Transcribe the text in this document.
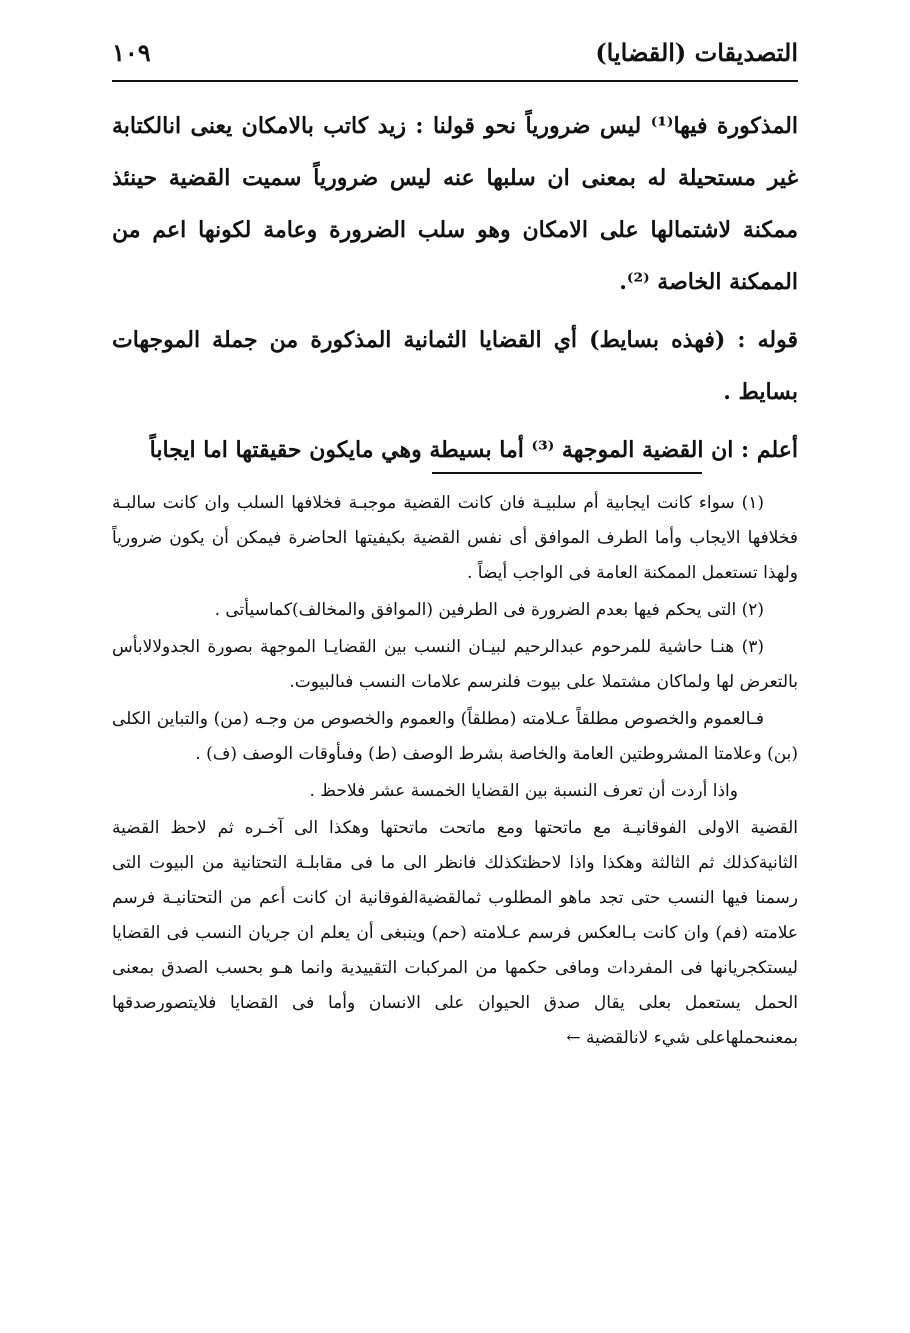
التصديقات (القضايا)
١٠٩

المذكورة فيها⁽¹⁾ ليس ضرورياً نحو قولنا : زيد كاتب بالامكان يعنى انالكتابة غير مستحيلة له بمعنى ان سلبها عنه ليس ضرورياً سميت القضية حينئذ ممكنة لاشتمالها على الامكان وهو سلب الضرورة وعامة لكونها اعم من الممكنة الخاصة ⁽²⁾.

قوله : (فهذه بسايط) أي القضايا الثمانية المذكورة من جملة الموجهات بسايط .

أعلم : ان القضية الموجهة ⁽³⁾ أما بسيطة وهي مايكون حقيقتها اما ايجاباً

(١) سواء كانت ايجابية أم سلبيـة فان كانت القضية موجبـة فخلافها السلب وان كانت سالبـة فخلافها الايجاب وأما الطرف الموافق أى نفس القضية بكيفيتها الحاضرة فيمكن أن يكون ضرورياً ولهذا تستعمل الممكنة العامة فى الواجب أيضاً .

(٢) التى يحكم فيها بعدم الضرورة فى الطرفين (الموافق والمخالف)كماسيأتى .

(٣) هنـا حاشية للمرحوم عبدالرحيم لبيـان النسب بين القضايـا الموجهة بصورة الجدولالابأس بالتعرض لها ولماكان مشتملا على بيوت فلنرسم علامات النسب فىالبيوت.

فـالعموم والخصوص مطلقاً عـلامته (مطلقاً) والعموم والخصوص من وجـه (من) والتباين الكلى (بن) وعلامتا المشروطتين العامة والخاصة بشرط الوصف (ط) وفىأوقات الوصف (ف) .

واذا أردت أن تعرف النسبة بين القضايا الخمسة عشر فلاحظ .

القضية الاولى الفوقانيـة مع ماتحتها ومع ماتحت ماتحتها وهكذا الى آخـره ثم لاحظ القضية الثانيةكذلك ثم الثالثة وهكذا واذا لاحظتكذلك فانظر الى ما فى مقابلـة التحتانية من البيوت التى رسمنا فيها النسب حتى تجد ماهو المطلوب ثمالقضيةالفوقانية ان كانت أعم من التحتانيـة فرسم علامته (فم) وان كانت بـالعكس فرسم عـلامته (حم) وينبغى أن يعلم ان جريان النسب فى القضايا ليستكجريانها فى المفردات ومافى حكمها من المركبات التقييدية وانما هـو بحسب الصدق بمعنى الحمل يستعمل بعلى يقال صدق الحيوان على الانسان وأما فى القضايا فلايتصورصدقها بمعنىحملهاعلى شيء لانالقضية ←
